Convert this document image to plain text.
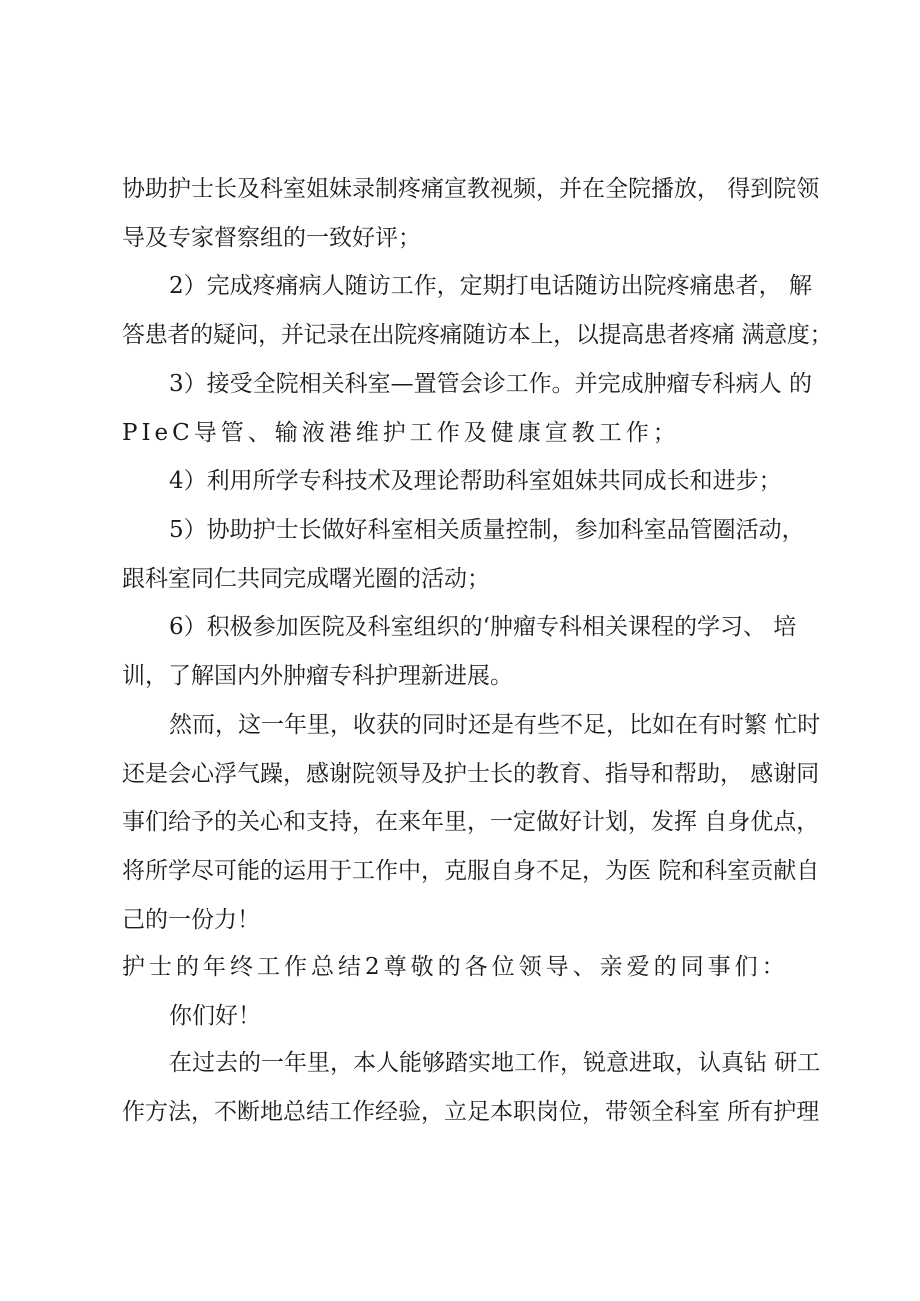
协助护士长及科室姐妹录制疼痛宣教视频，并在全院播放， 得到院领
导及专家督察组的一致好评；
2）完成疼痛病人随访工作，定期打电话随访出院疼痛患者， 解
答患者的疑问，并记录在出院疼痛随访本上，以提高患者疼痛 满意度；
3）接受全院相关科室—置管会诊工作。并完成肿瘤专科病人 的
PIeC导管、输液港维护工作及健康宣教工作；
4）利用所学专科技术及理论帮助科室姐妹共同成长和进步；
5）协助护士长做好科室相关质量控制，参加科室品管圈活动，
跟科室同仁共同完成曙光圈的活动；
6）积极参加医院及科室组织的‘肿瘤专科相关课程的学习、 培
训，了解国内外肿瘤专科护理新进展。
然而，这一年里，收获的同时还是有些不足，比如在有时繁 忙时
还是会心浮气躁，感谢院领导及护士长的教育、指导和帮助， 感谢同
事们给予的关心和支持，在来年里，一定做好计划，发挥 自身优点，
将所学尽可能的运用于工作中，克服自身不足，为医 院和科室贡献自
己的一份力！
护士的年终工作总结2尊敬的各位领导、亲爱的同事们：
你们好！
在过去的一年里，本人能够踏实地工作，锐意进取，认真钻 研工
作方法，不断地总结工作经验，立足本职岗位，带领全科室 所有护理
